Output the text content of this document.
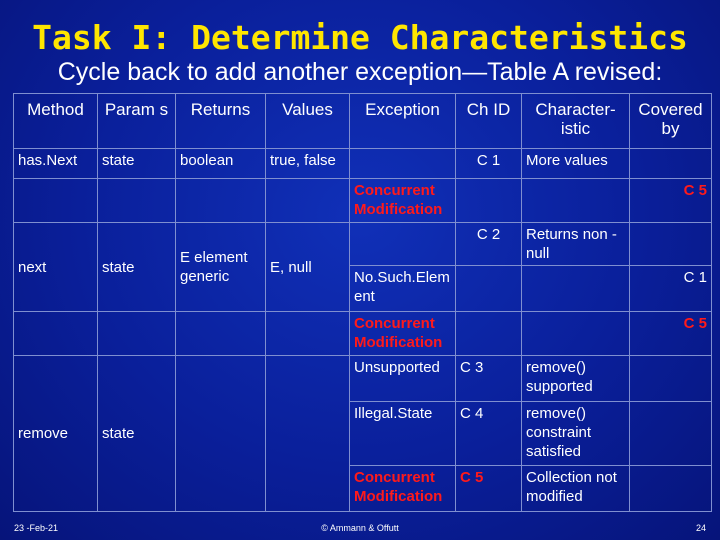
Task I: Determine Characteristics
Cycle back to add another exception—Table A revised:
Method	Param s	Returns	Values	Exception	Ch ID	Character- istic	Covered by
has.Next	state	boolean	true, false		C 1	More values	
				Concurrent Modification			C 5
next	state	E element generic	E, null		C 2	Returns non -null	
				No.Such.Elem ent			C 1
				Concurrent Modification			C 5
remove	state			Unsupported	C 3	remove() supported	
				Illegal.State	C 4	remove() constraint satisfied	
				Concurrent Modification	C 5	Collection not modified	
23 -Feb-21	© Ammann & Offutt	24
